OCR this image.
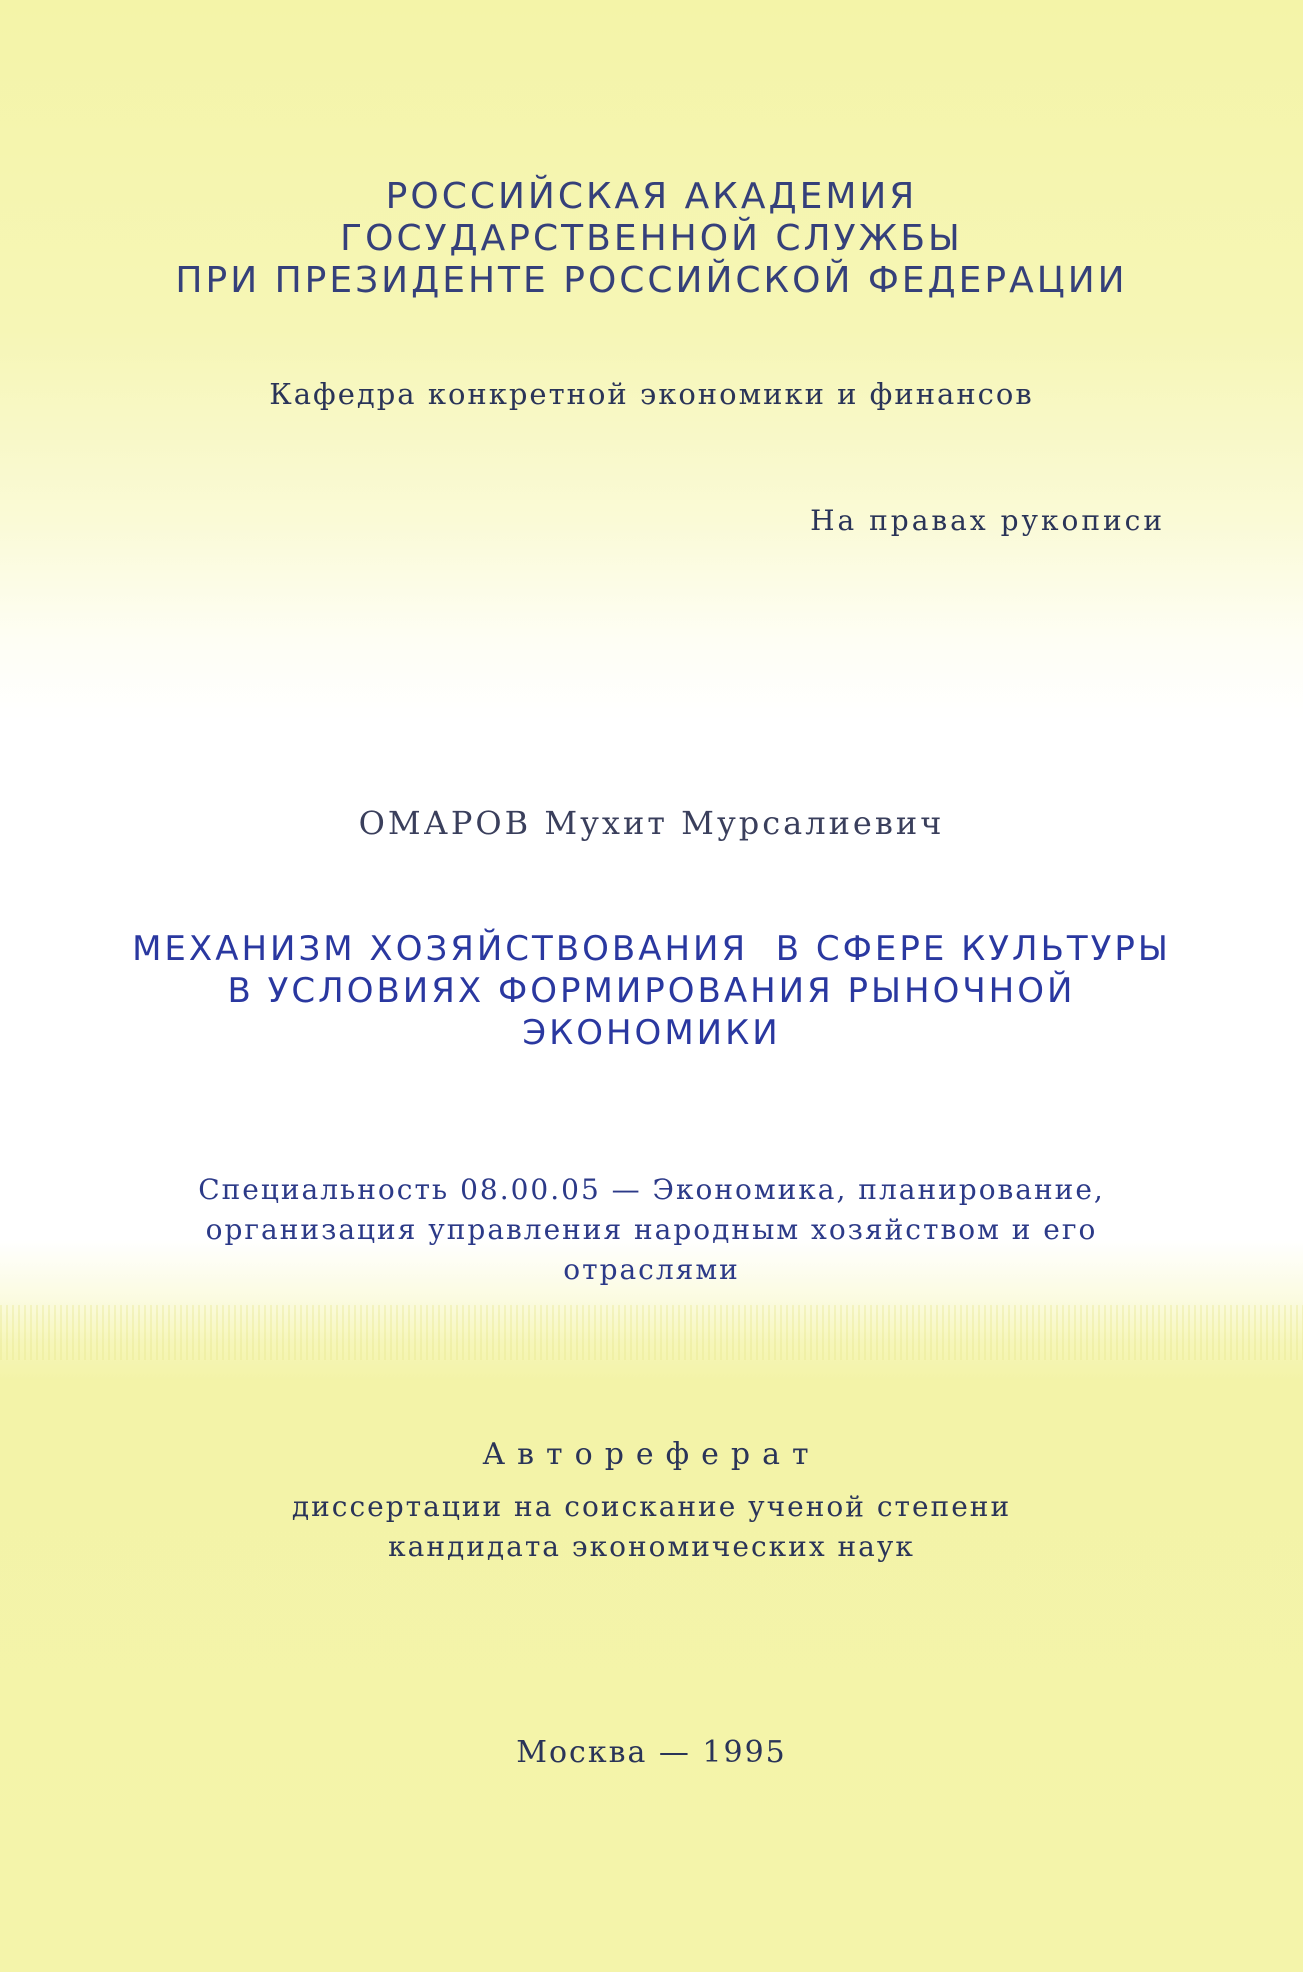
РОССИЙСКАЯ АКАДЕМИЯ
ГОСУДАРСТВЕННОЙ СЛУЖБЫ
ПРИ ПРЕЗИДЕНТЕ РОССИЙСКОЙ ФЕДЕРАЦИИ
Кафедра конкретной экономики и финансов
На правах рукописи
ОМАРОВ Мухит Мурсалиевич
МЕХАНИЗМ ХОЗЯЙСТВОВАНИЯ  В СФЕРЕ КУЛЬТУРЫ
В УСЛОВИЯХ ФОРМИРОВАНИЯ РЫНОЧНОЙ
ЭКОНОМИКИ
Специальность 08.00.05 — Экономика, планирование,
организация управления народным хозяйством и его
отраслями
Автореферат
диссертации на соискание ученой степени
кандидата экономических наук
Москва — 1995
